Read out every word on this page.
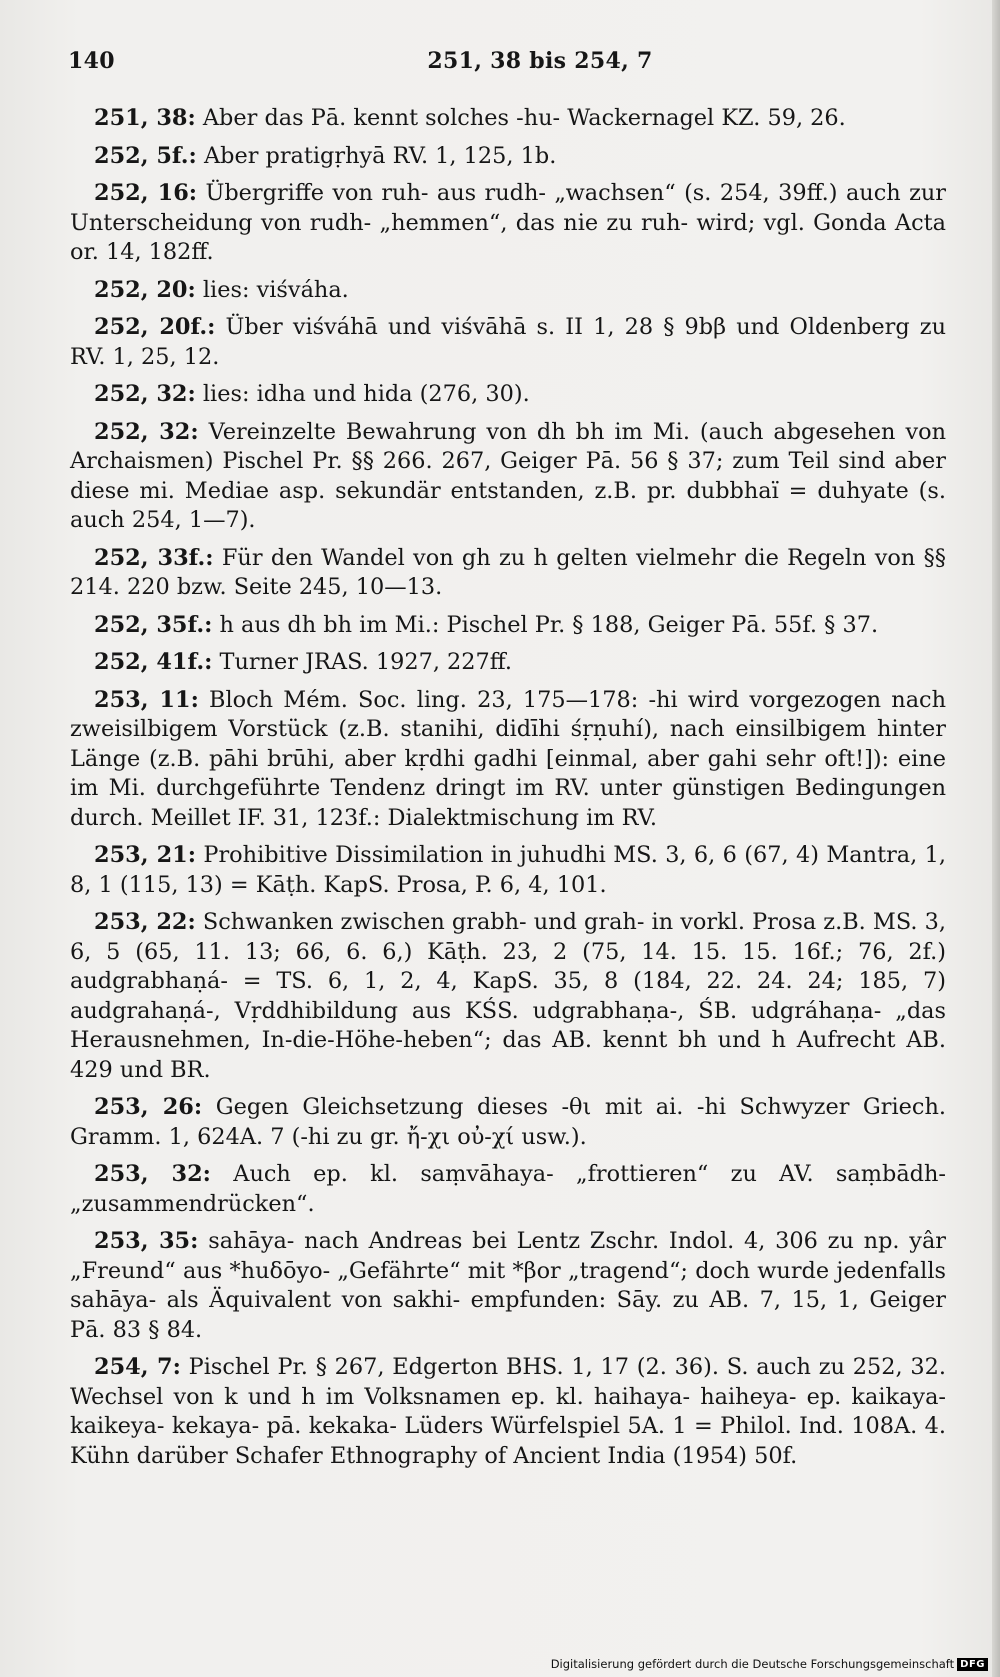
140	251, 38 bis 254, 7

251, 38: Aber das Pā. kennt solches -hu- Wackernagel KZ. 59, 26.

252, 5f.: Aber pratigṛhyā RV. 1, 125, 1b.

252, 16: Übergriffe von ruh- aus rudh- „wachsen“ (s. 254, 39ff.) auch zur Unterscheidung von rudh- „hemmen“, das nie zu ruh- wird; vgl. Gonda Acta or. 14, 182ff.

252, 20: lies: viśváha.

252, 20f.: Über viśváhā und viśvāhā s. II 1, 28 § 9bβ und Oldenberg zu RV. 1, 25, 12.

252, 32: lies: idha und hida (276, 30).

252, 32: Vereinzelte Bewahrung von dh bh im Mi. (auch abgesehen von Archaismen) Pischel Pr. §§ 266. 267, Geiger Pā. 56 § 37; zum Teil sind aber diese mi. Mediae asp. sekundär entstanden, z.B. pr. dubbhaï = duhyate (s. auch 254, 1—7).

252, 33f.: Für den Wandel von gh zu h gelten vielmehr die Regeln von §§ 214. 220 bzw. Seite 245, 10—13.

252, 35f.: h aus dh bh im Mi.: Pischel Pr. § 188, Geiger Pā. 55f. § 37.

252, 41f.: Turner JRAS. 1927, 227ff.

253, 11: Bloch Mém. Soc. ling. 23, 175—178: -hi wird vorgezogen nach zweisilbigem Vorstück (z.B. stanihi, didīhi śṛṇuhí), nach einsilbigem hinter Länge (z.B. pāhi brūhi, aber kṛdhi gadhi [einmal, aber gahi sehr oft!]): eine im Mi. durchgeführte Tendenz dringt im RV. unter günstigen Bedingungen durch. Meillet IF. 31, 123f.: Dialektmischung im RV.

253, 21: Prohibitive Dissimilation in juhudhi MS. 3, 6, 6 (67, 4) Mantra, 1, 8, 1 (115, 13) = Kāṭh. KapS. Prosa, P. 6, 4, 101.

253, 22: Schwanken zwischen grabh- und grah- in vorkl. Prosa z.B. MS. 3, 6, 5 (65, 11. 13; 66, 6. 6,) Kāṭh. 23, 2 (75, 14. 15. 15. 16f.; 76, 2f.) audgrabhaṇá- = TS. 6, 1, 2, 4, KapS. 35, 8 (184, 22. 24. 24; 185, 7) audgrahaṇá-, Vṛddhibildung aus KŚS. udgrabhaṇa-, ŚB. udgráhaṇa- „das Herausnehmen, In-die-Höhe-heben“; das AB. kennt bh und h Aufrecht AB. 429 und BR.

253, 26: Gegen Gleichsetzung dieses -θι mit ai. -hi Schwyzer Griech. Gramm. 1, 624A. 7 (-hi zu gr. ἤ-χι οὐ-χί usw.).

253, 32: Auch ep. kl. saṃvāhaya- „frottieren“ zu AV. saṃbādh- „zusammendrücken“.

253, 35: sahāya- nach Andreas bei Lentz Zschr. Indol. 4, 306 zu np. yâr „Freund“ aus *huδōyo- „Gefährte“ mit *βor „tragend“; doch wurde jedenfalls sahāya- als Äquivalent von sakhi- empfunden: Sāy. zu AB. 7, 15, 1, Geiger Pā. 83 § 84.

254, 7: Pischel Pr. § 267, Edgerton BHS. 1, 17 (2. 36). S. auch zu 252, 32. Wechsel von k und h im Volksnamen ep. kl. haihaya- haiheya- ep. kaikaya- kaikeya- kekaya- pā. kekaka- Lüders Würfelspiel 5A. 1 = Philol. Ind. 108A. 4. Kühn darüber Schafer Ethnography of Ancient India (1954) 50f.

Digitalisierung gefördert durch die Deutsche Forschungsgemeinschaft DFG
